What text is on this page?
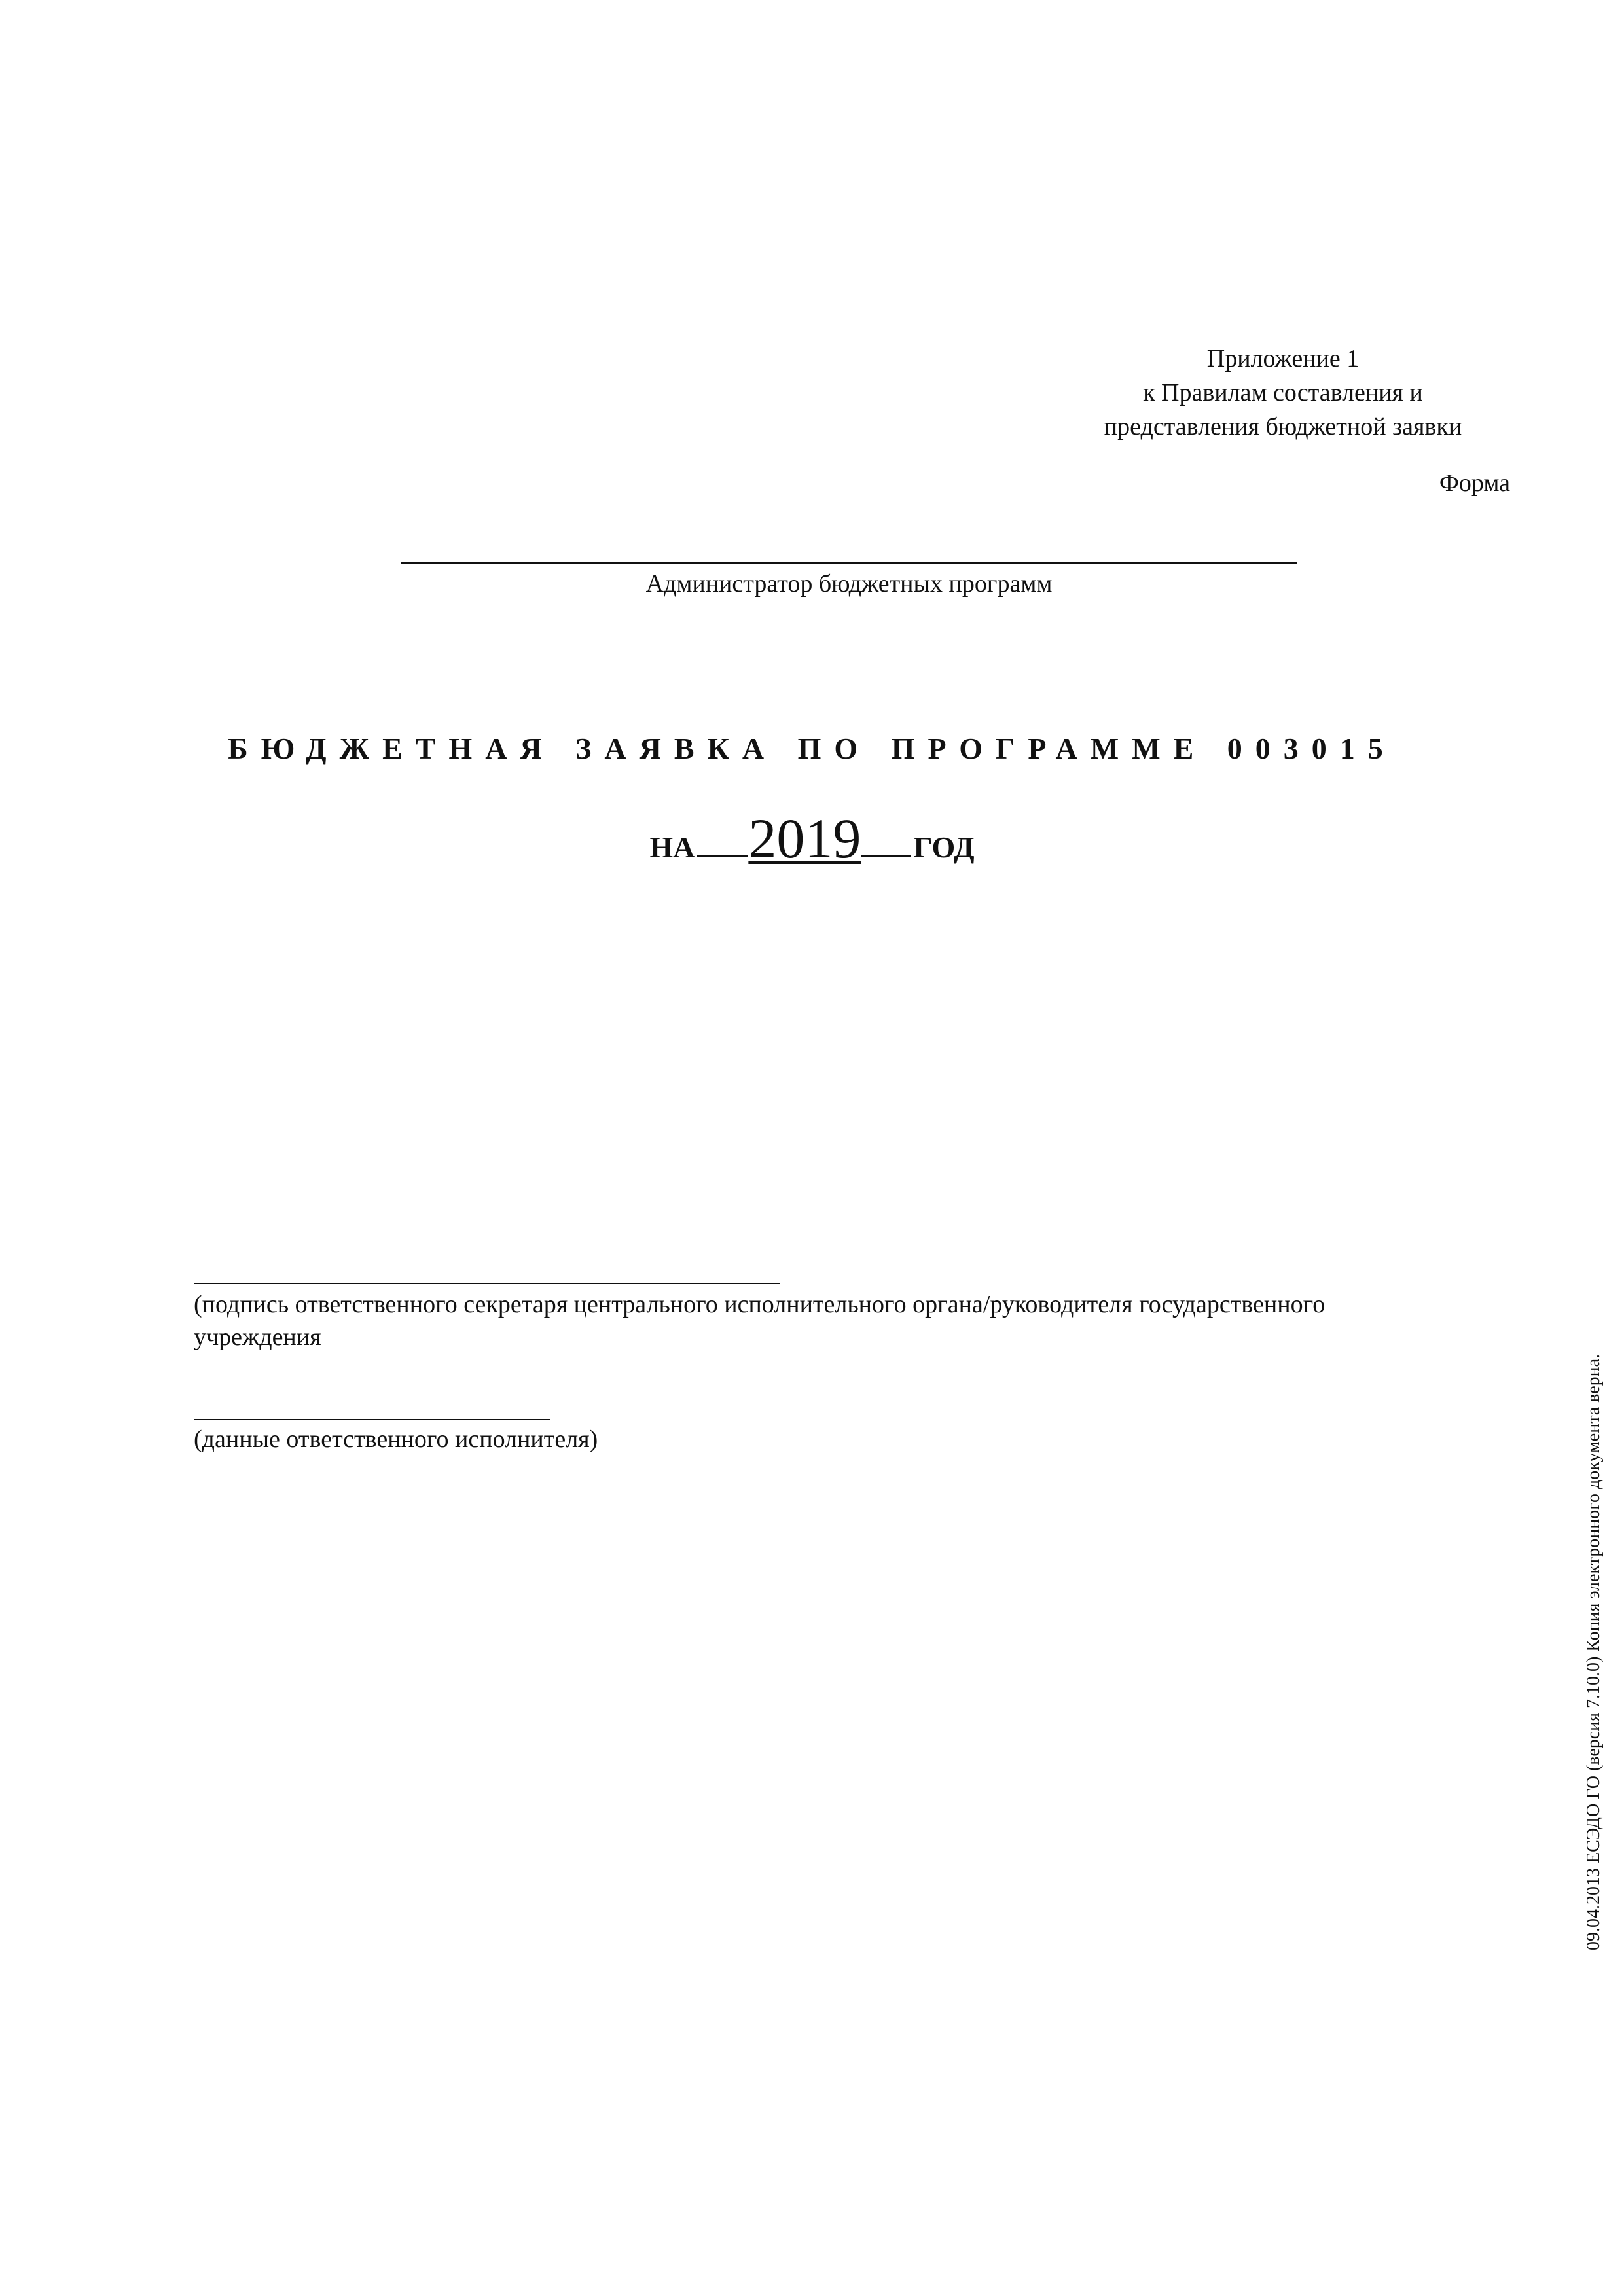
Приложение 1
к Правилам составления и
представления бюджетной заявки
Форма
Администратор бюджетных программ
БЮДЖЕТНАЯ ЗАЯВКА ПО ПРОГРАММЕ 003015
НА 2019 ГОД
(подпись ответственного секретаря центрального исполнительного органа/руководителя государственного
учреждения
(данные ответственного исполнителя)	09.04.2013 ЕСЭДО ГО (версия 7.10.0) Копия электронного документа верна.
